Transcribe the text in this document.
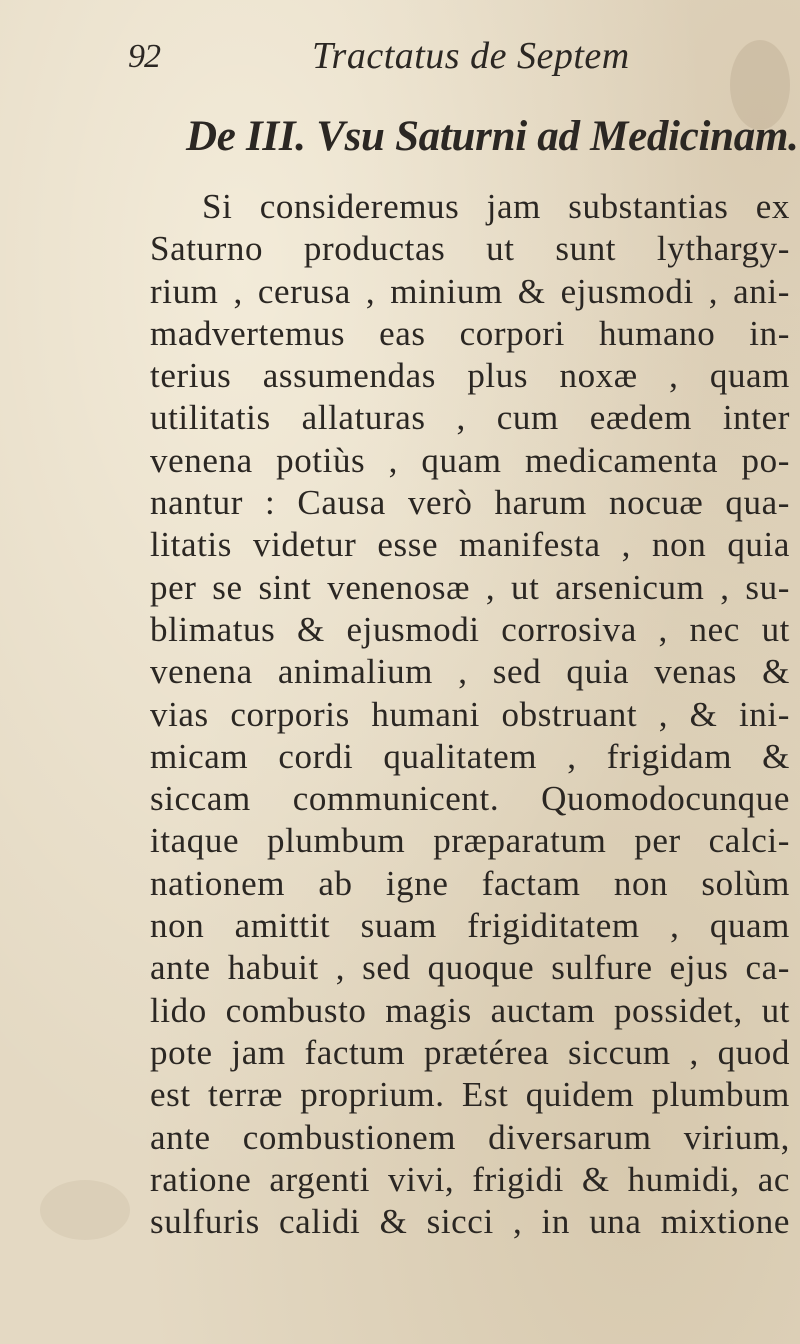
92	Tractatus de Septem
De III. Vsu Saturni ad Medicinam.
Si consideremus jam substantias ex
Saturno productas ut sunt lythargy-
rium , cerusa , minium & ejusmodi , ani-
madvertemus eas corpori humano in-
terius assumendas plus noxæ , quam
utilitatis allaturas , cum eædem inter
venena potiùs , quam medicamenta po-
nantur : Causa verò harum nocuæ qua-
litatis videtur esse manifesta , non quia
per se sint venenosæ , ut arsenicum , su-
blimatus & ejusmodi corrosiva , nec ut
venena animalium , sed quia venas &
vias corporis humani obstruant , & ini-
micam cordi qualitatem , frigidam &
siccam communicent. Quomodocunque
itaque plumbum præparatum per calci-
nationem ab igne factam non solùm
non amittit suam frigiditatem , quam
ante habuit , sed quoque sulfure ejus ca-
lido combusto magis auctam possidet, ut
pote jam factum prætérea siccum , quod
est terræ proprium. Est quidem plumbum
ante combustionem diversarum virium,
ratione argenti vivi, frigidi & humidi, ac
sulfuris calidi & sicci , in una mixtione
